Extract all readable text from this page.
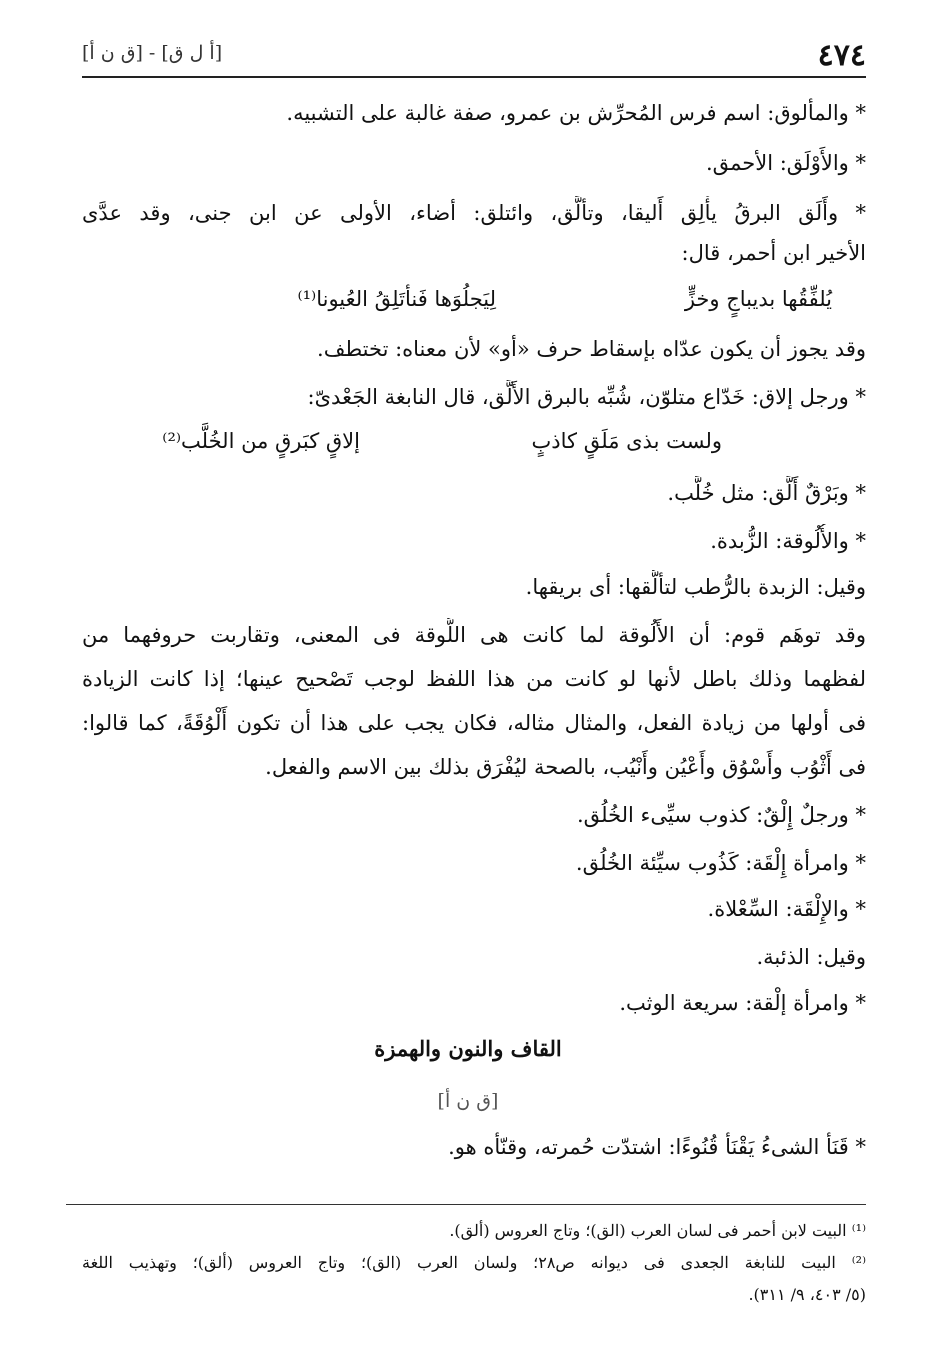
٤٧٤
[أ ل ق] - [ق ن أ]
* والمألوق: اسم فرس المُحرِّش بن عمرو، صفة غالبة على التشبيه.
* والأَوْلَق: الأحمق.
* وأَلَق البرقُ يأْلِق أَليقا، وتألَّق، وائتلق: أضاء، الأولى عن ابن جنى، وقد عدَّى
الأخير ابن أحمر، قال:
يُلفِّقُها بديباجٍ وخزٍّ
لِيَجلُوَها فَنأتَلِقُ العُيونا⁽¹⁾
وقد يجوز أن يكون عدّاه بإسقاط حرف «أو» لأن معناه: تختطف.
* ورجل إلاق: خَدّاع متلوّن، شُبِّه بالبرق الأَلَّق، قال النابغة الجَعْدىّ:
ولست بذى مَلَقٍ كاذبٍ
إلاقٍ كبَرقٍ من الخُلَّب⁽²⁾
* وبَرْقٌ أَلَّق: مثل خُلَّب.
* والأُلُوقة: الزُّبدة.
وقيل: الزبدة بالرُّطب لتألُّقها: أى بريقها.
وقد توهَم قوم: أن الأَلُوقة لما كانت هى اللُّوقة فى المعنى، وتقاربت حروفهما من
لفظهما وذلك باطل لأنها لو كانت من هذا اللفظ لوجب تَصْحيح عينها؛ إذا كانت الزيادة
فى أولها من زيادة الفعل، والمثال مثاله، فكان يجب على هذا أن تكون أَلْوُقَةً، كما قالوا:
فى أَثْوُب وأَسْوُق وأَعْيُن وأَنْيُب، بالصحة ليُفْرَق بذلك بين الاسم والفعل.
* ورجلٌ إِلْقٌ: كذوب سيِّىء الخُلُق.
* وامرأة إِلْقَة: كَذُوب سيِّئة الخُلُق.
* والإِلْقَة: السِّعْلاة.
وقيل: الذئبة.
* وامرأة إلْقة: سريعة الوثب.
القاف والنون والهمزة
[ق ن أ]
* قَنَأ الشىءُ يَقْنَأ قُنُوءًا: اشتدّت حُمرته، وقنّأه هو.
⁽¹⁾ البيت لابن أحمر فى لسان العرب (الق)؛ وتاج العروس (ألق).
⁽²⁾ البيت للنابغة الجعدى فى ديوانه ص٢٨؛ ولسان العرب (الق)؛ وتاج العروس (ألق)؛ وتهذيب اللغة
(٥/ ٤٠٣، ٩/ ٣١١).
